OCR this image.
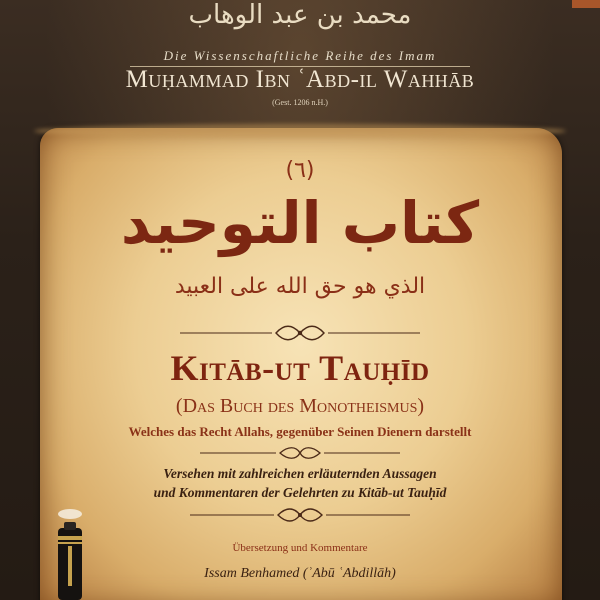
محمد بن عبد الوهاب
Die Wissenschaftliche Reihe des Imam
Muḥammad Ibn ʿAbd-il Wahhāb
(Gest. 1206 n.H.)
(٦)
كتاب التوحيد
الذي هو حق الله على العبيد
Kitāb-ut Tauḥīd
(Das Buch des Monotheismus)
Welches das Recht Allahs, gegenüber Seinen Dienern darstellt
Versehen mit zahlreichen erläuternden Aussagen
und Kommentaren der Gelehrten zu Kitāb-ut Tauḥīd
Übersetzung und Kommentare
Issam Benhamed (ʾAbū ʿAbdillāh)
